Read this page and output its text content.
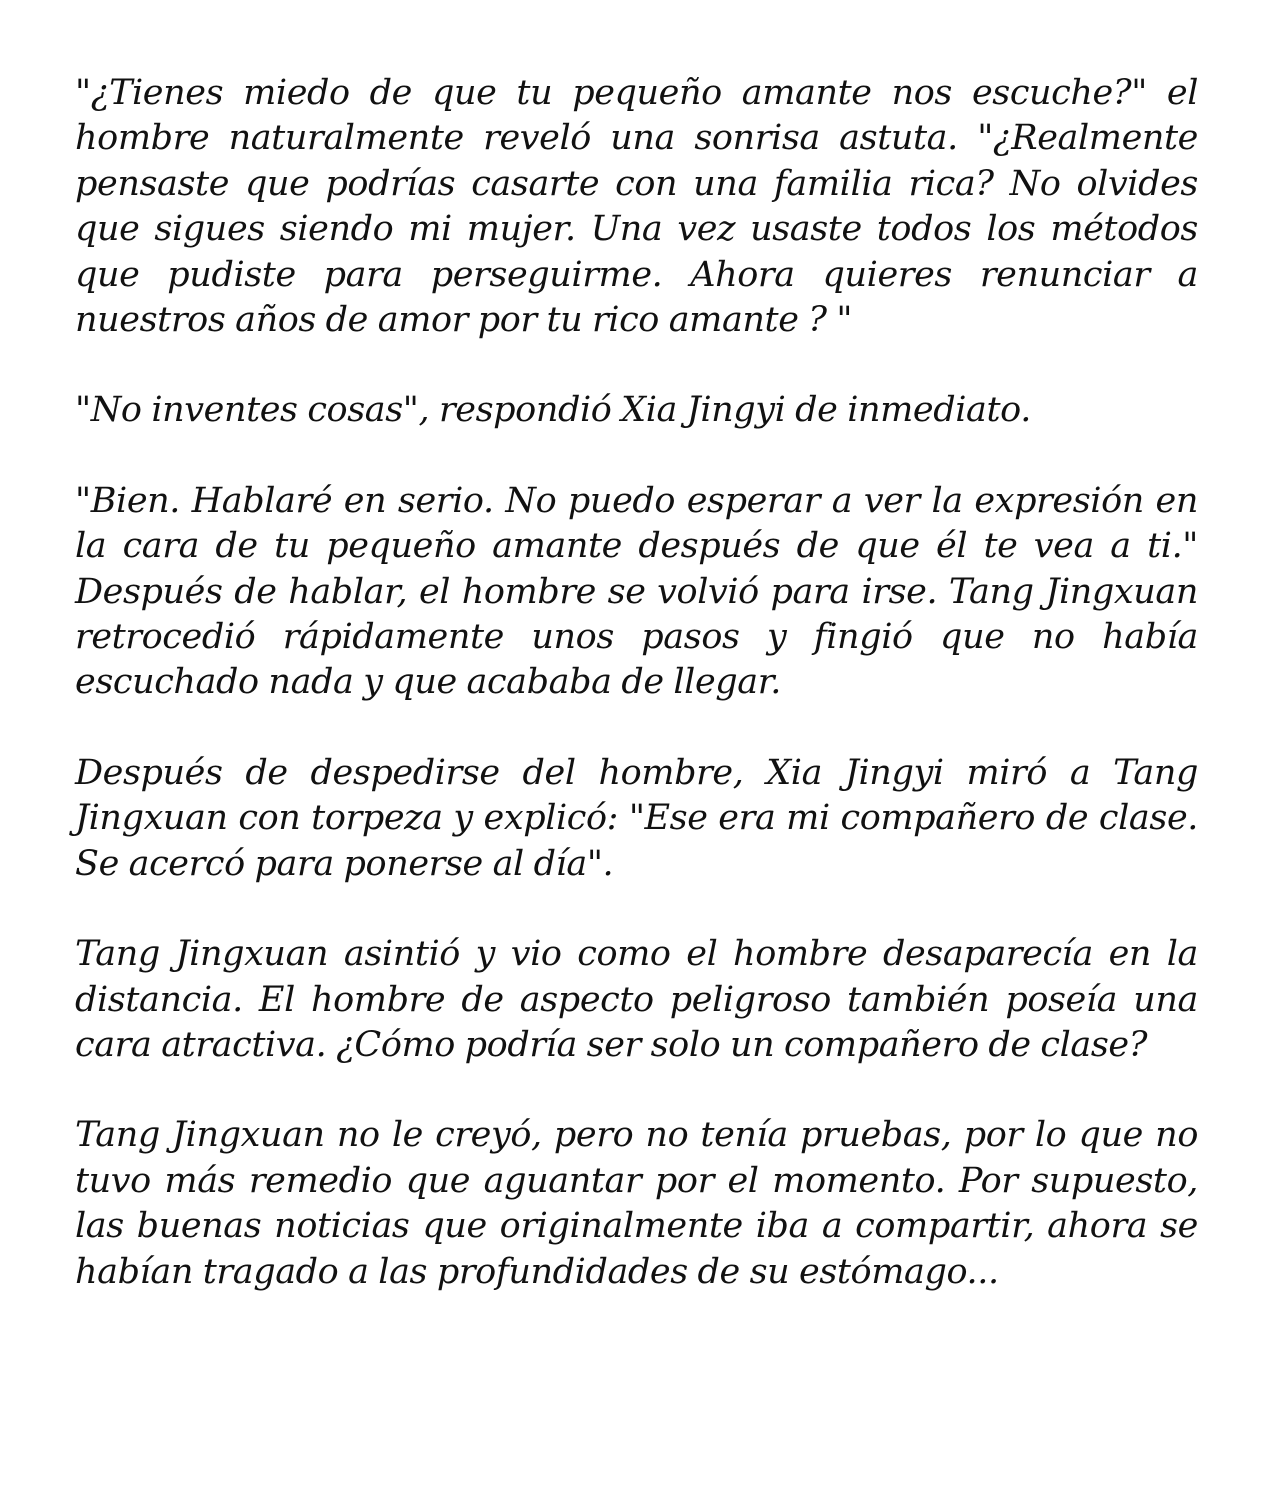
"¿Tienes miedo de que tu pequeño amante nos escuche?" el hombre naturalmente reveló una sonrisa astuta. "¿Realmente pensaste que podrías casarte con una familia rica? No olvides que sigues siendo mi mujer. Una vez usaste todos los métodos que pudiste para perseguirme. Ahora quieres renunciar a nuestros años de amor por tu rico amante ? "

"No inventes cosas", respondió Xia Jingyi de inmediato.

"Bien. Hablaré en serio. No puedo esperar a ver la expresión en la cara de tu pequeño amante después de que él te vea a ti." Después de hablar, el hombre se volvió para irse. Tang Jingxuan retrocedió rápidamente unos pasos y fingió que no había escuchado nada y que acababa de llegar.

Después de despedirse del hombre, Xia Jingyi miró a Tang Jingxuan con torpeza y explicó: "Ese era mi compañero de clase. Se acercó para ponerse al día".

Tang Jingxuan asintió y vio como el hombre desaparecía en la distancia. El hombre de aspecto peligroso también poseía una cara atractiva. ¿Cómo podría ser solo un compañero de clase?

Tang Jingxuan no le creyó, pero no tenía pruebas, por lo que no tuvo más remedio que aguantar por el momento. Por supuesto, las buenas noticias que originalmente iba a compartir, ahora se habían tragado a las profundidades de su estómago...
